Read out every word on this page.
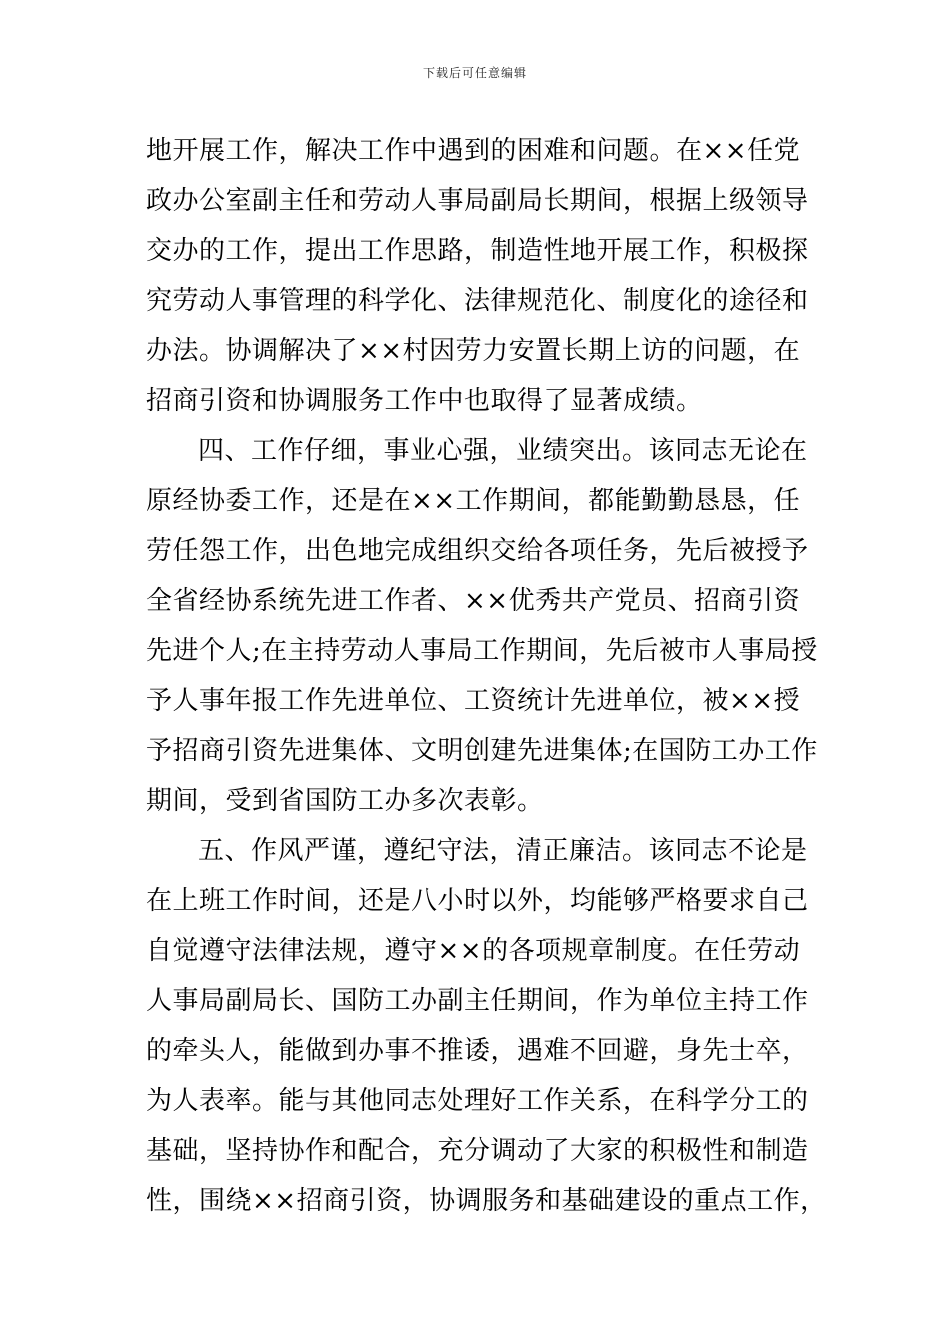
下载后可任意编辑
地开展工作，解决工作中遇到的困难和问题。在××任党
政办公室副主任和劳动人事局副局长期间，根据上级领导
交办的工作，提出工作思路，制造性地开展工作，积极探
究劳动人事管理的科学化、法律规范化、制度化的途径和
办法。协调解决了××村因劳力安置长期上访的问题，在
招商引资和协调服务工作中也取得了显著成绩。
四、工作仔细，事业心强，业绩突出。该同志无论在
原经协委工作，还是在××工作期间，都能勤勤恳恳，任
劳任怨工作，出色地完成组织交给各项任务，先后被授予
全省经协系统先进工作者、××优秀共产党员、招商引资
先进个人;在主持劳动人事局工作期间，先后被市人事局授
予人事年报工作先进单位、工资统计先进单位，被××授
予招商引资先进集体、文明创建先进集体;在国防工办工作
期间，受到省国防工办多次表彰。
五、作风严谨，遵纪守法，清正廉洁。该同志不论是
在上班工作时间，还是八小时以外，均能够严格要求自己
自觉遵守法律法规，遵守××的各项规章制度。在任劳动
人事局副局长、国防工办副主任期间，作为单位主持工作
的牵头人，能做到办事不推诿，遇难不回避，身先士卒，
为人表率。能与其他同志处理好工作关系，在科学分工的
基础，坚持协作和配合，充分调动了大家的积极性和制造
性，围绕××招商引资，协调服务和基础建设的重点工作，
